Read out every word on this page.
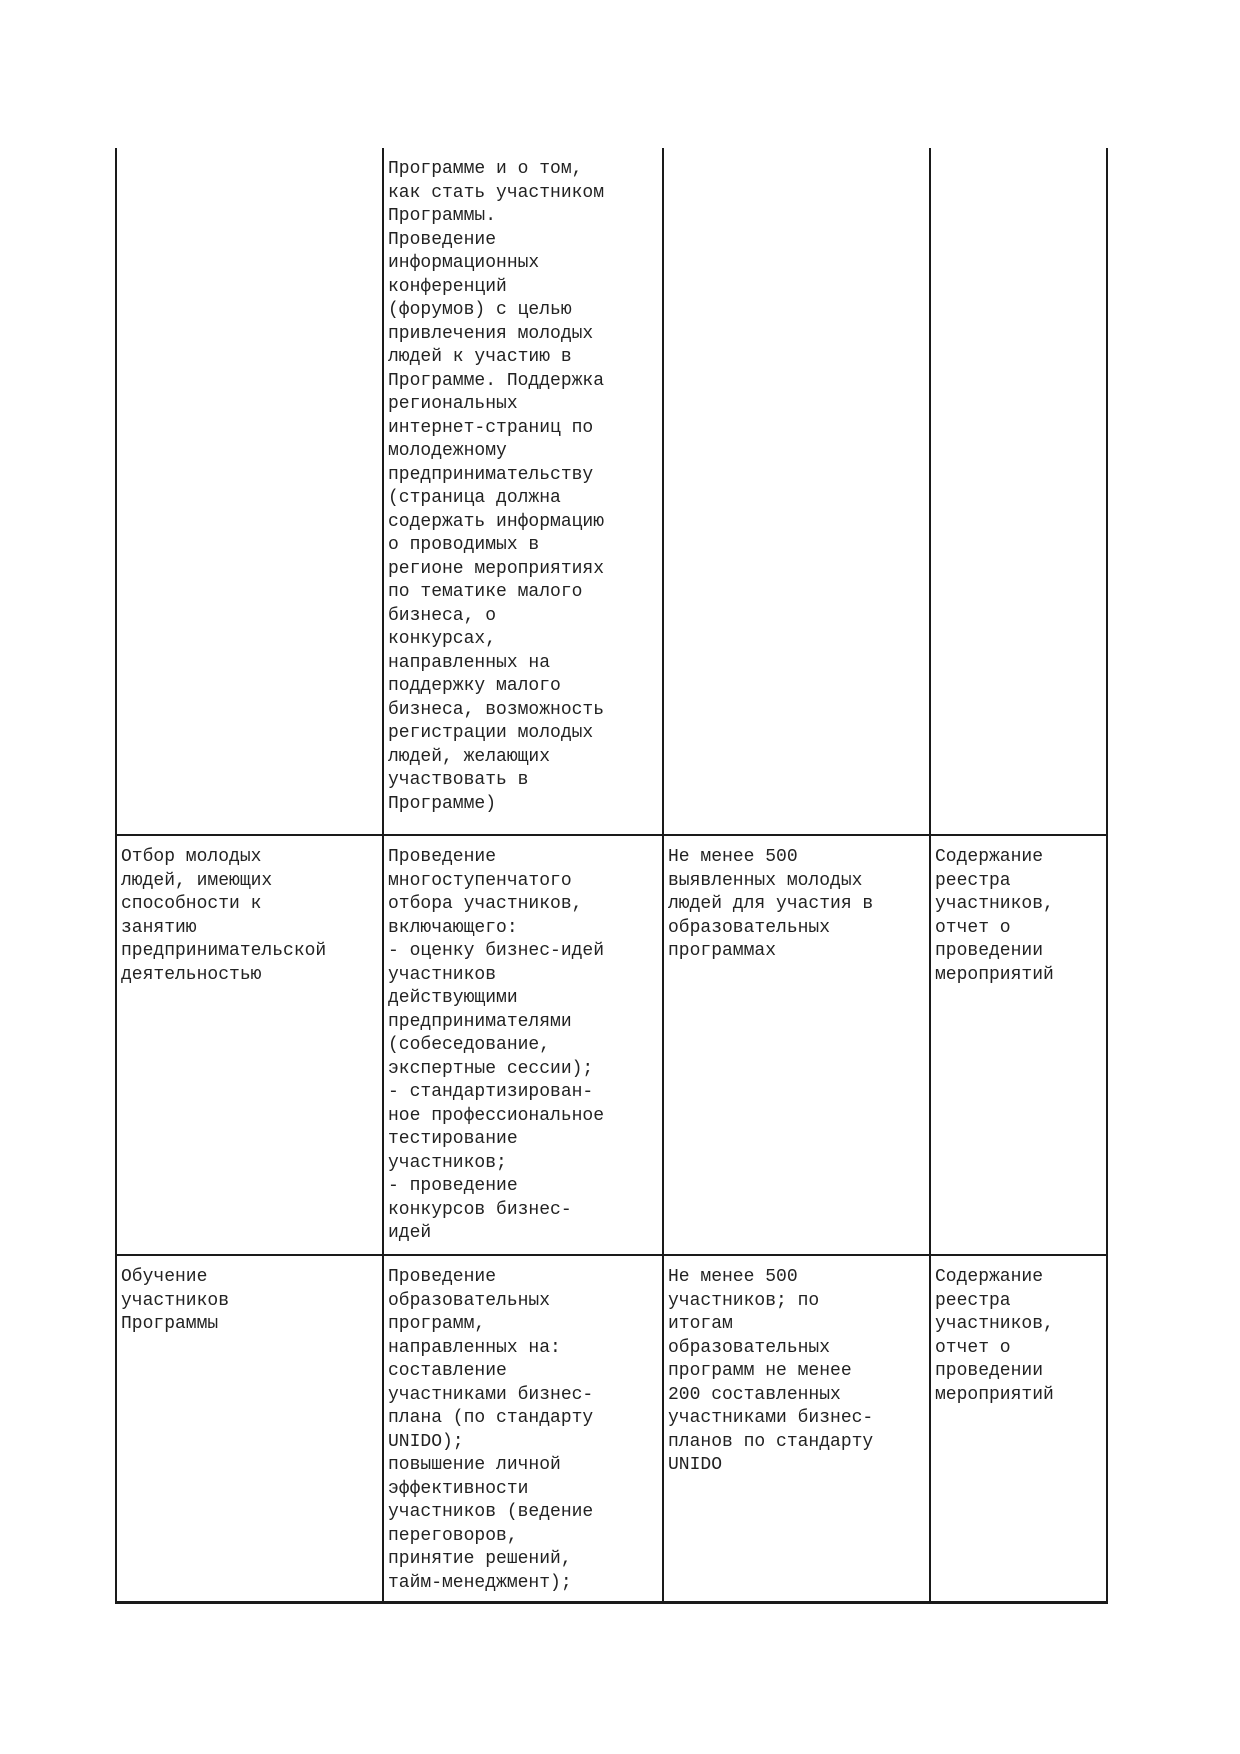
Программе и о том,
как стать участником
Программы.
Проведение
информационных
конференций
(форумов) с целью
привлечения молодых
людей к участию в
Программе. Поддержка
региональных
интернет-страниц по
молодежному
предпринимательству
(страница должна
содержать информацию
о проводимых в
регионе мероприятиях
по тематике малого
бизнеса, о
конкурсах,
направленных на
поддержку малого
бизнеса, возможность
регистрации молодых
людей, желающих
участвовать в
Программе)
Отбор молодых
людей, имеющих
способности к
занятию
предпринимательской
деятельностью
Проведение
многоступенчатого
отбора участников,
включающего:
- оценку бизнес-идей
участников
действующими
предпринимателями
(собеседование,
экспертные сессии);
- стандартизирован-
ное профессиональное
тестирование
участников;
- проведение
конкурсов бизнес-
идей
Не менее 500
выявленных молодых
людей для участия в
образовательных
программах
Содержание
реестра
участников,
отчет о
проведении
мероприятий
Обучение
участников
Программы
Проведение
образовательных
программ,
направленных на:
составление
участниками бизнес-
плана (по стандарту
UNIDO);
повышение личной
эффективности
участников (ведение
переговоров,
принятие решений,
тайм-менеджмент);
Не менее 500
участников; по
итогам
образовательных
программ не менее
200 составленных
участниками бизнес-
планов по стандарту
UNIDO
Содержание
реестра
участников,
отчет о
проведении
мероприятий
